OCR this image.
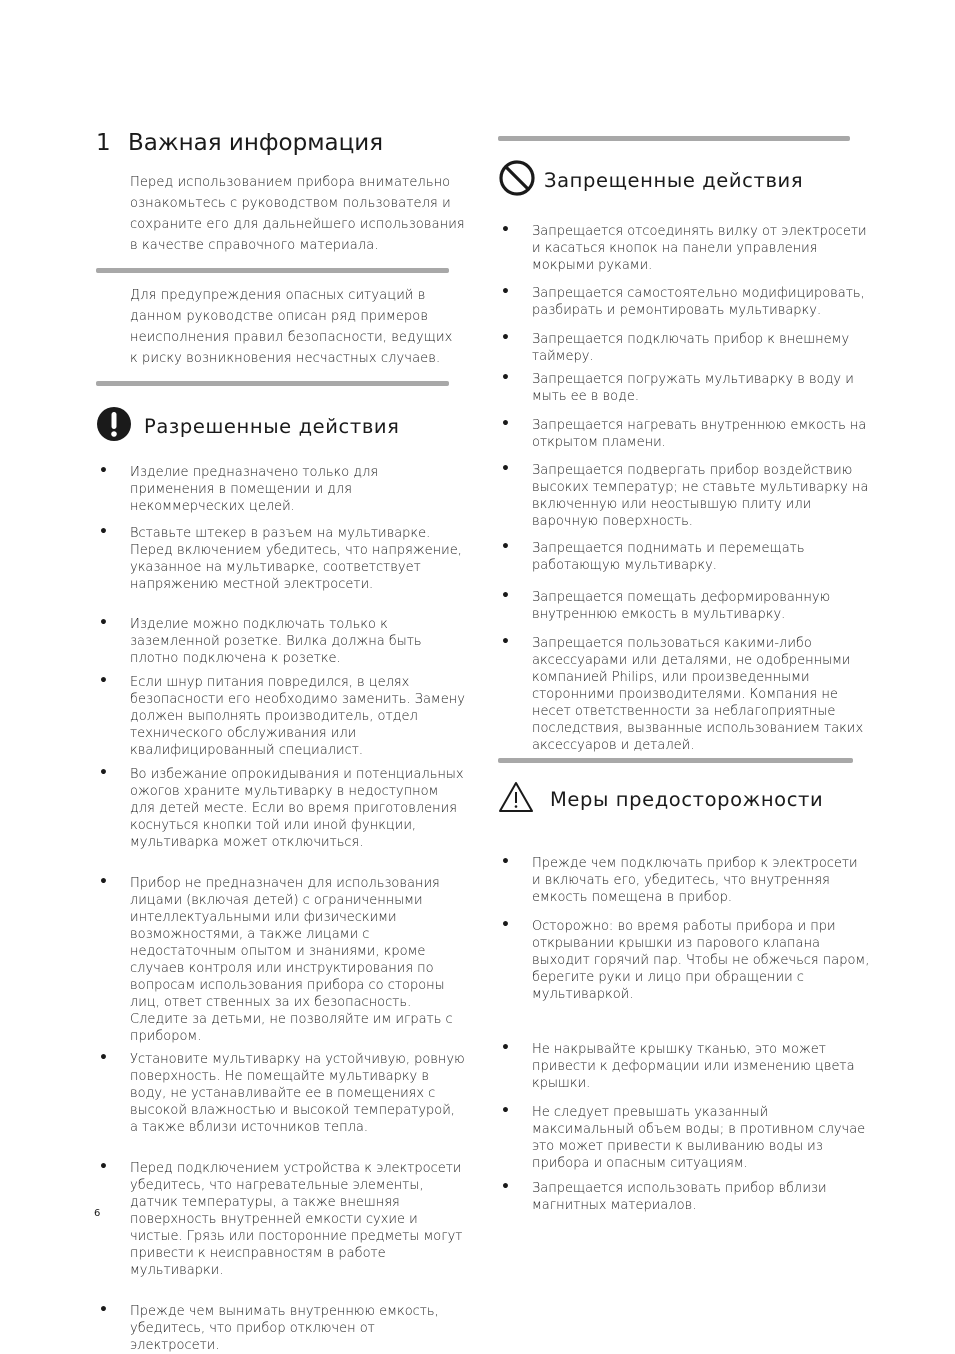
1 Важная информация

Перед использованием прибора внимательно

ознакомьтесь с руководством пользователя и

сохраните его для дальнейшего использования

в качестве справочного материала.

Для предупреждения опасных ситуаций в

данном руководстве описан ряд примеров

неисполнения правил безопасности, ведущих

к риску возникновения несчастных случаев.

Разрешенные действия
• Изделие предназначено только для применения в помещении и для некоммерческих целей.
• Вставьте штекер в разъем на мультиварке. Перед включением убедитесь, что напряжение, указанное на мультиварке, соответствует напряжению местной электросети.
• Изделие можно подключать только к заземленной розетке. Вилка должна быть плотно подключена к розетке.
• Если шнур питания повредился, в целях безопасности его необходимо заменить. Замену должен выполнять производитель, отдел технического обслуживания или квалифицированный специалист.
• Во избежание опрокидывания и потенциальных ожогов храните мультиварку в недоступном для детей месте. Если во время приготовления коснуться кнопки той или иной функции, мультиварка может отключиться.
• Прибор не предназначен для использования лицами (включая детей) с ограниченными интеллектуальными или физическими возможностями, а также лицами с недостаточным опытом и знаниями, кроме случаев контроля или инструктирования по вопросам использования прибора со стороны лиц, ответ ственных за их безопасность. Следите за детьми, не позволяйте им играть с прибором.
• Установите мультиварку на устойчивую, ровную поверхность. Не помещайте мультиварку в воду, не устанавливайте ее в помещениях с высокой влажностью и высокой температурой, а также вблизи источников тепла.
• Перед подключением устройства к электросети убедитесь, что нагревательные элементы, датчик температуры, а также внешняя поверхность внутренней емкости сухие и чистые. Грязь или посторонние предметы могут привести к неисправностям в работе мультиварки.
• Прежде чем вынимать внутреннюю емкость, убедитесь, что прибор отключен от электросети.
Запрещенные действия
• Запрещается отсоединять вилку от электросети и касаться кнопок на панели управления мокрыми руками.
• Запрещается самостоятельно модифицировать, разбирать и ремонтировать мультиварку.
• Запрещается подключать прибор к внешнему таймеру.
• Запрещается погружать мультиварку в воду и мыть ее в воде.
• Запрещается нагревать внутреннюю емкость на открытом пламени.
• Запрещается подвергать прибор воздействию высоких температур; не ставьте мультиварку на включенную или неостывшую плиту или варочную поверхность.
• Запрещается поднимать и перемещать работающую мультиварку.
• Запрещается помещать деформированную внутреннюю емкость в мультиварку.
• Запрещается пользоваться какими-либо аксессуарами или деталями, не одобренными компанией Philips, или произведенными сторонними производителями. Компания не несет ответственности за неблагоприятные последствия, вызванные использованием таких аксессуаров и деталей.
Меры предосторожности
• Прежде чем подключать прибор к электросети и включать его, убедитесь, что внутренняя емкость помещена в прибор.
• Осторожно: во время работы прибора и при открывании крышки из парового клапана выходит горячий пар. Чтобы не обжечься паром, берегите руки и лицо при обращении с мультиваркой.
• Не накрывайте крышку тканью, это может привести к деформации или изменению цвета крышки.
• Не следует превышать указанный максимальный объем воды; в противном случае это может привести к выливанию воды из прибора и опасным ситуациям.
• Запрещается использовать прибор вблизи магнитных материалов.
6
